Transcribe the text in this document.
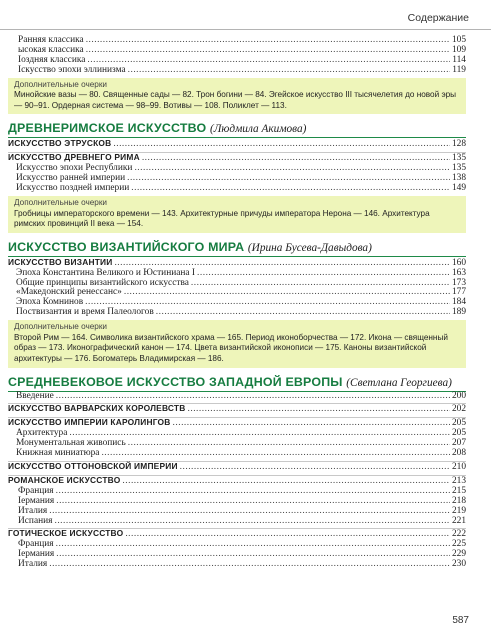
Содержание
Ранняя классика .....	105
ысокая классика .....	109
Іоздняя классика .....	114
Іскусство эпохи эллинизма .....	119
Дополнительные очерки
Минойские вазы — 80. Священные сады — 82. Трон богини — 84. Эгейское искусство III тысячелетия до новой эры — 90–91. Ордерная система — 98–99. Вотивы — 108. Поликлет — 113.
ДРЕВНЕРИМСКОЕ ИСКУССТВО (Людмила Акимова)
ИСКУССТВО ЭТРУСКОВ .....	128
ИСКУССТВО ДРЕВНЕГО РИМА .....	135
Искусство эпохи Республики .....	135
Искусство ранней империи .....	138
Искусство поздней империи .....	149
Дополнительные очерки
Гробницы императорского времени — 143. Архитектурные причуды императора Нерона — 146. Архитектура римских провинций II века — 154.
ИСКУССТВО ВИЗАНТИЙСКОГО МИРА (Ирина Бусева-Давыдова)
ИСКУССТВО ВИЗАНТИИ .....	160
Эпоха Константина Великого и Юстиниана I .....	163
Общие принципы византийского искусства .....	173
«Македонский ренессанс» .....	177
Эпоха Комнинов .....	184
Поствизантия и время Палеологов .....	189
Дополнительные очерки
Второй Рим — 164. Символика византийского храма — 165. Период иконоборчества — 172. Икона — священный образ — 173. Иконографический канон — 174. Цвета византийской иконописи — 175. Каноны византийской архитектуры — 176. Богоматерь Владимирская — 186.
СРЕДНЕВЕКОВОЕ ИСКУССТВО ЗАПАДНОЙ ЕВРОПЫ (Светлана Георгиева)
Введение .....	200
ИСКУССТВО ВАРВАРСКИХ КОРОЛЕВСТВ .....	202
ИСКУССТВО ИМПЕРИИ КАРОЛИНГОВ .....	205
Архитектура .....	205
Монументальная живопись .....	207
Книжная миниатюра .....	208
ИСКУССТВО ОТТОНОВСКОЙ ИМПЕРИИ .....	210
РОМАНСКОЕ ИСКУССТВО .....	213
Франция .....	215
Іермания .....	218
Италия .....	219
Испания .....	221
ГОТИЧЕСКОЕ ИСКУССТВО .....	222
Франция .....	225
Іермания .....	229
Италия .....	230
587
